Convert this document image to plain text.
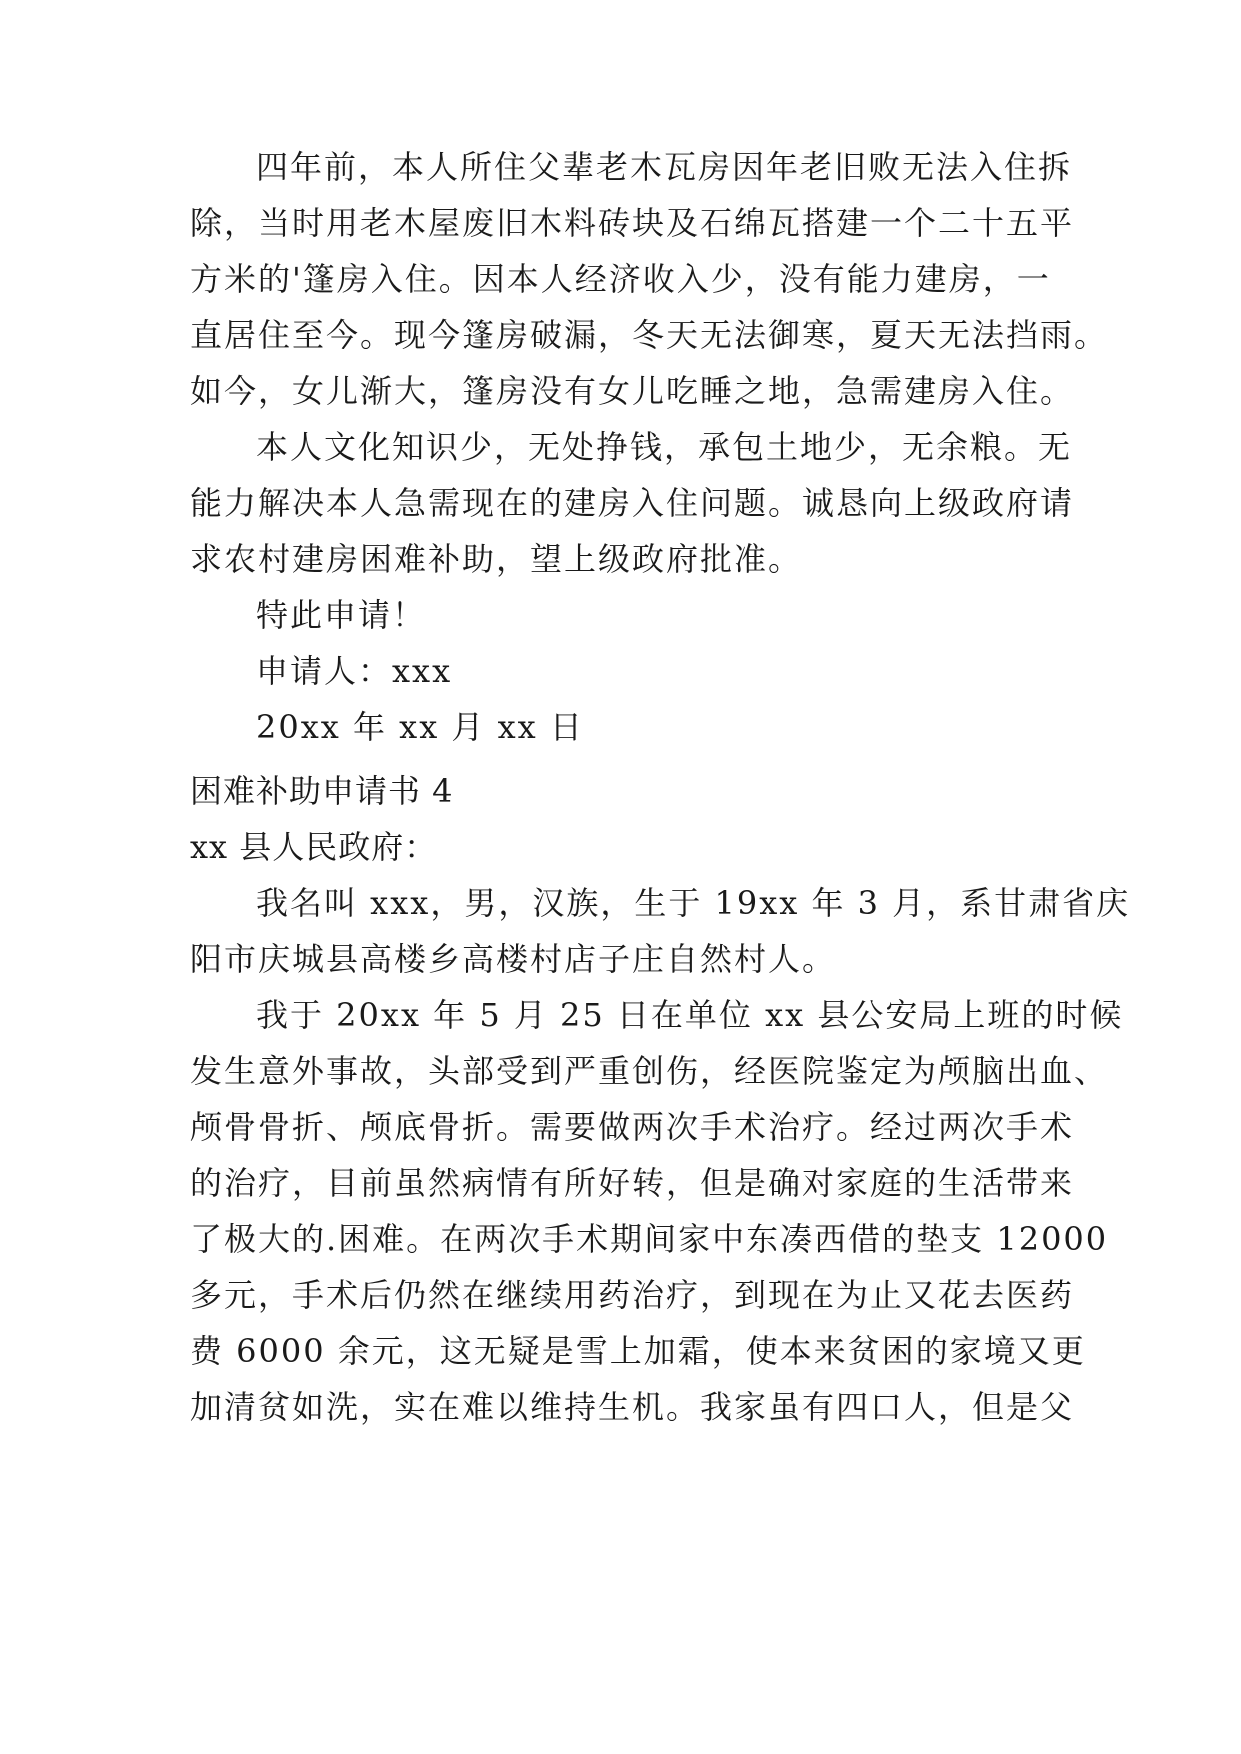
四年前，本人所住父辈老木瓦房因年老旧败无法入住拆
除，当时用老木屋废旧木料砖块及石绵瓦搭建一个二十五平
方米的'篷房入住。因本人经济收入少，没有能力建房，一
直居住至今。现今篷房破漏，冬天无法御寒，夏天无法挡雨。
如今，女儿渐大，篷房没有女儿吃睡之地，急需建房入住。
本人文化知识少，无处挣钱，承包土地少，无余粮。无
能力解决本人急需现在的建房入住问题。诚恳向上级政府请
求农村建房困难补助，望上级政府批准。
特此申请！
申请人：xxx
20xx 年 xx 月 xx 日
困难补助申请书 4
xx 县人民政府：
我名叫 xxx，男，汉族，生于 19xx 年 3 月，系甘肃省庆
阳市庆城县高楼乡高楼村店子庄自然村人。
我于 20xx 年 5 月 25 日在单位 xx 县公安局上班的时候
发生意外事故，头部受到严重创伤，经医院鉴定为颅脑出血、
颅骨骨折、颅底骨折。需要做两次手术治疗。经过两次手术
的治疗，目前虽然病情有所好转，但是确对家庭的生活带来
了极大的.困难。在两次手术期间家中东凑西借的垫支 12000
多元，手术后仍然在继续用药治疗，到现在为止又花去医药
费 6000 余元，这无疑是雪上加霜，使本来贫困的家境又更
加清贫如洗，实在难以维持生机。我家虽有四口人，但是父
